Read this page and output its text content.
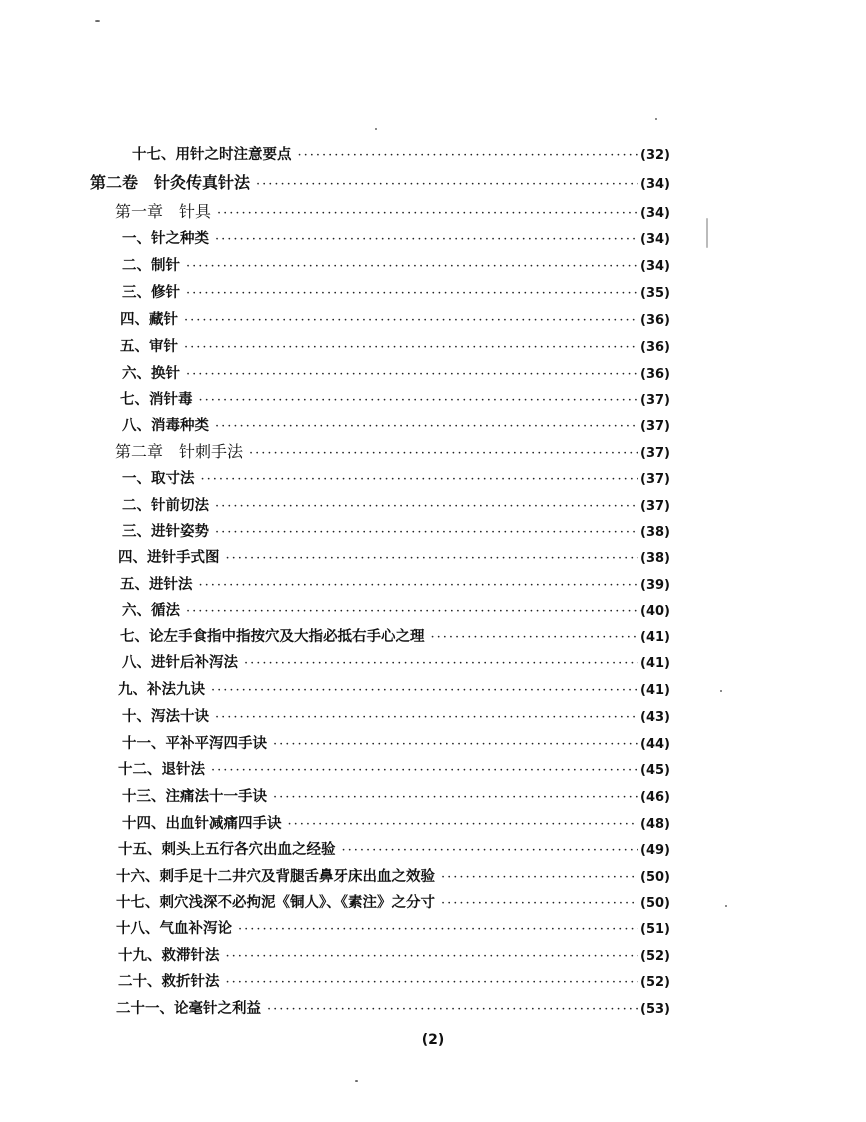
十七、用针之时注意要点 ·····	(32)
第二卷　针灸传真针法 ·····	(34)
第一章　针具 ·····	(34)
一、针之种类 ·····	(34)
二、制针 ·····	(34)
三、修针 ·····	(35)
四、藏针 ·····	(36)
五、审针 ·····	(36)
六、换针 ·····	(36)
七、消针毒 ·····	(37)
八、消毒种类 ·····	(37)
第二章　针刺手法 ·····	(37)
一、取寸法 ·····	(37)
二、针前切法 ·····	(37)
三、进针姿势 ·····	(38)
四、进针手式图 ·····	(38)
五、进针法 ·····	(39)
六、循法 ·····	(40)
七、论左手食指中指按穴及大指必抵右手心之理 ·····	(41)
八、进针后补泻法 ·····	(41)
九、补法九诀 ·····	(41)
十、泻法十诀 ·····	(43)
十一、平补平泻四手诀 ·····	(44)
十二、退针法 ·····	(45)
十三、注痛法十一手诀 ·····	(46)
十四、出血针减痛四手诀 ·····	(48)
十五、刺头上五行各穴出血之经验 ·····	(49)
十六、刺手足十二井穴及背腿舌鼻牙床出血之效验 ·····	(50)
十七、刺穴浅深不必拘泥《铜人》、《素注》之分寸 ·····	(50)
十八、气血补泻论 ·····	(51)
十九、救滞针法 ·····	(52)
二十、救折针法 ·····	(52)
二十一、论毫针之利益 ·····	(53)
(2)
